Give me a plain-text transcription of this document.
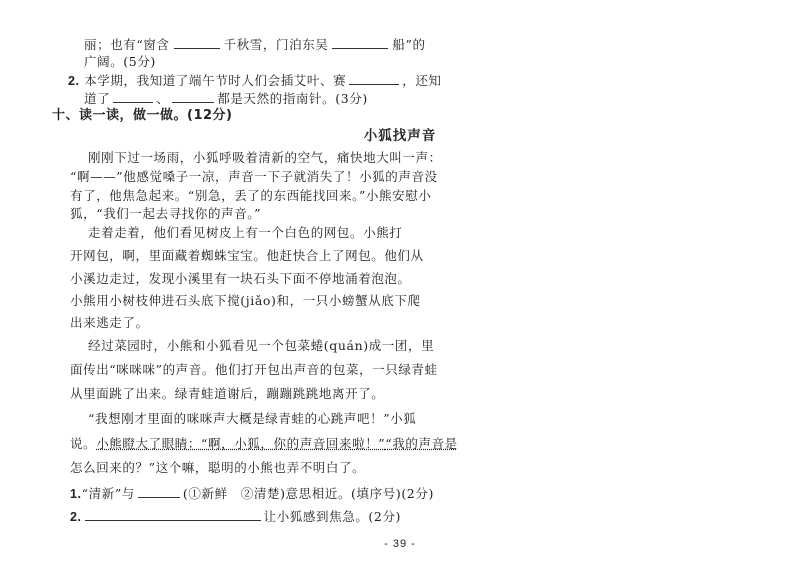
丽；也有“窗含	千秋雪，门泊东吴	船”的
广阔。(5分)
2. 本学期，我知道了端午节时人们会插艾叶、赛	，还知
道了	、	都是天然的指南针。(3分)
十、读一读，做一做。(12分)
小狐找声音
刚刚下过一场雨，小狐呼吸着清新的空气，痛快地大叫一声：
“啊——”他感觉嗓子一凉，声音一下子就消失了！小狐的声音没
有了，他焦急起来。“别急，丢了的东西能找回来。”小熊安慰小
狐，“我们一起去寻找你的声音。”
走着走着，他们看见树皮上有一个白色的网包。小熊打
开网包，啊，里面藏着蜘蛛宝宝。他赶快合上了网包。他们从
小溪边走过，发现小溪里有一块石头下面不停地涌着泡泡。
小熊用小树枝伸进石头底下搅(jiǎo)和，一只小螃蟹从底下爬
出来逃走了。
经过菜园时，小熊和小狐看见一个包菜蜷(quán)成一团，里
面传出“咪咪咪”的声音。他们打开包出声音的包菜，一只绿青蛙
从里面跳了出来。绿青蛙道谢后，蹦蹦跳跳地离开了。
“我想刚才里面的咪咪声大概是绿青蛙的心跳声吧！”小狐
说。小熊瞪大了眼睛：“啊，小狐，你的声音回来啦！”“我的声音是
怎么回来的？”这个嘛，聪明的小熊也弄不明白了。
1.“清新”与	(①新鲜　②清楚)意思相近。(填序号)(2分)
2.	让小狐感到焦急。(2分)
- 39 -
